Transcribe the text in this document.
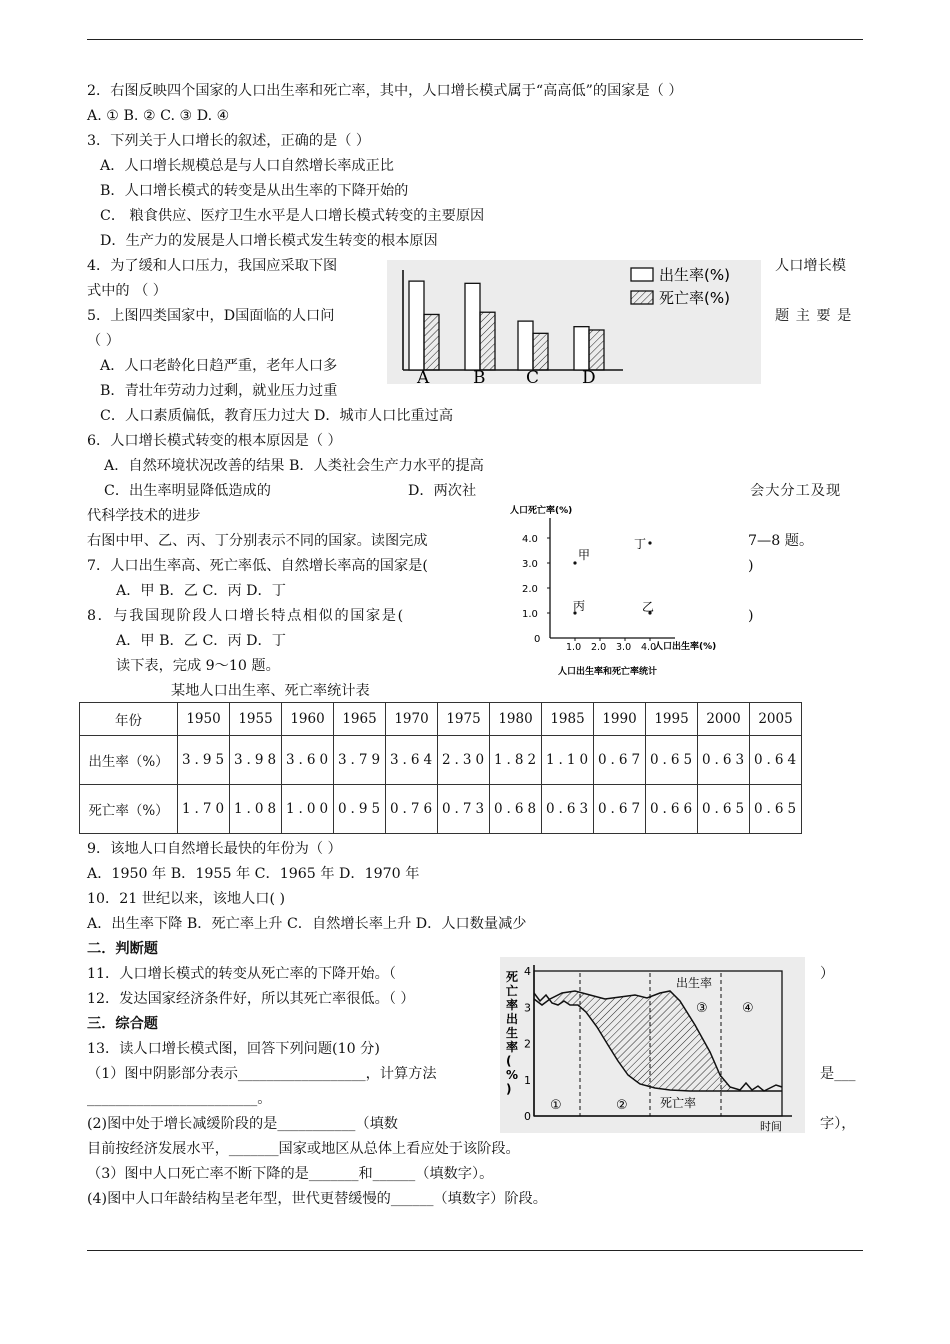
2．右图反映四个国家的人口出生率和死亡率，其中，人口增长模式属于“高高低”的国家是（ ）
A. ① B. ② C. ③ D. ④
3．下列关于人口增长的叙述，正确的是（ ）
A．人口增长规模总是与人口自然增长率成正比
B．人口增长模式的转变是从出生率的下降开始的
C． 粮食供应、医疗卫生水平是人口增长模式转变的主要原因
D．生产力的发展是人口增长模式发生转变的根本原因
4．为了缓和人口压力，我国应采取下图	人口增长模
式中的 （ ）
5．上图四类国家中，D国面临的人口问	题 主 要 是
（ ）
A．人口老龄化日趋严重，老年人口多
B．青壮年劳动力过剩，就业压力过重
C．人口素质偏低，教育压力过大 D．城市人口比重过高
A	B C	D
出生率(%)
死亡率(%)
6．人口增长模式转变的根本原因是（ ）
A．自然环境状况改善的结果 B．人类社会生产力水平的提高
C．出生率明显降低造成的	D．两次社	会大分工及现
代科学技术的进步	人口死亡率(%)
0
人口出生率(%)
1.0
2.0
3.0
4.0
1.0 2.0 3.0 4.0
甲
丁
丙	乙
人口出生率和死亡率统计
右图中甲、乙、丙、丁分别表示不同的国家。读图完成	7—8 题。
7．人口出生率高、死亡率低、自然增长率高的国家是(	)
A．甲 B．乙 C．丙 D．丁
8．与我国现阶段人口增长特点相似的国家是(	)
A．甲 B．乙 C．丙 D．丁
读下表，完成 9～10 题。
某地人口出生率、死亡率统计表
年份	1950	1955	1960	1965	1970	1975	1980	1985	1990	1995	2000	2005
出生率（%）	3.95	3.98	3.60	3.79	3.64	2.30	1.82	1.10	0.67	0.65	0.63	0.64
死亡率（%）	1.70	1.08	1.00	0.95	0.76	0.73	0.68	0.63	0.67	0.66	0.65	0.65
9．该地人口自然增长最快的年份为（ ）
A．1950 年 B．1955 年 C．1965 年 D．1970 年
10．21 世纪以来，该地人口( )
A．出生率下降 B．死亡率上升 C．自然增长率上升 D．人口数量减少
二．判断题
11．人口增长模式的转变从死亡率的下降开始。（	）
12．发达国家经济条件好，所以其死亡率很低。（ ）
三．综合题
13．读人口增长模式图，回答下列问题(10 分)
（1）图中阴影部分表示__________________，计算方法	是___
________________________。
(2)图中处于增长减缓阶段的是___________（填数	字），
目前按经济发展水平，_______国家或地区从总体上看应处于该阶段。
（3）图中人口死亡率不断下降的是_______和______（填数字）。
(4)图中人口年龄结构呈老年型，世代更替缓慢的______（填数字）阶段。
出生率
死亡率
①	②
③	④
时间
死
亡
率
出
生
率
(
%
)
0
1
2
3
4
